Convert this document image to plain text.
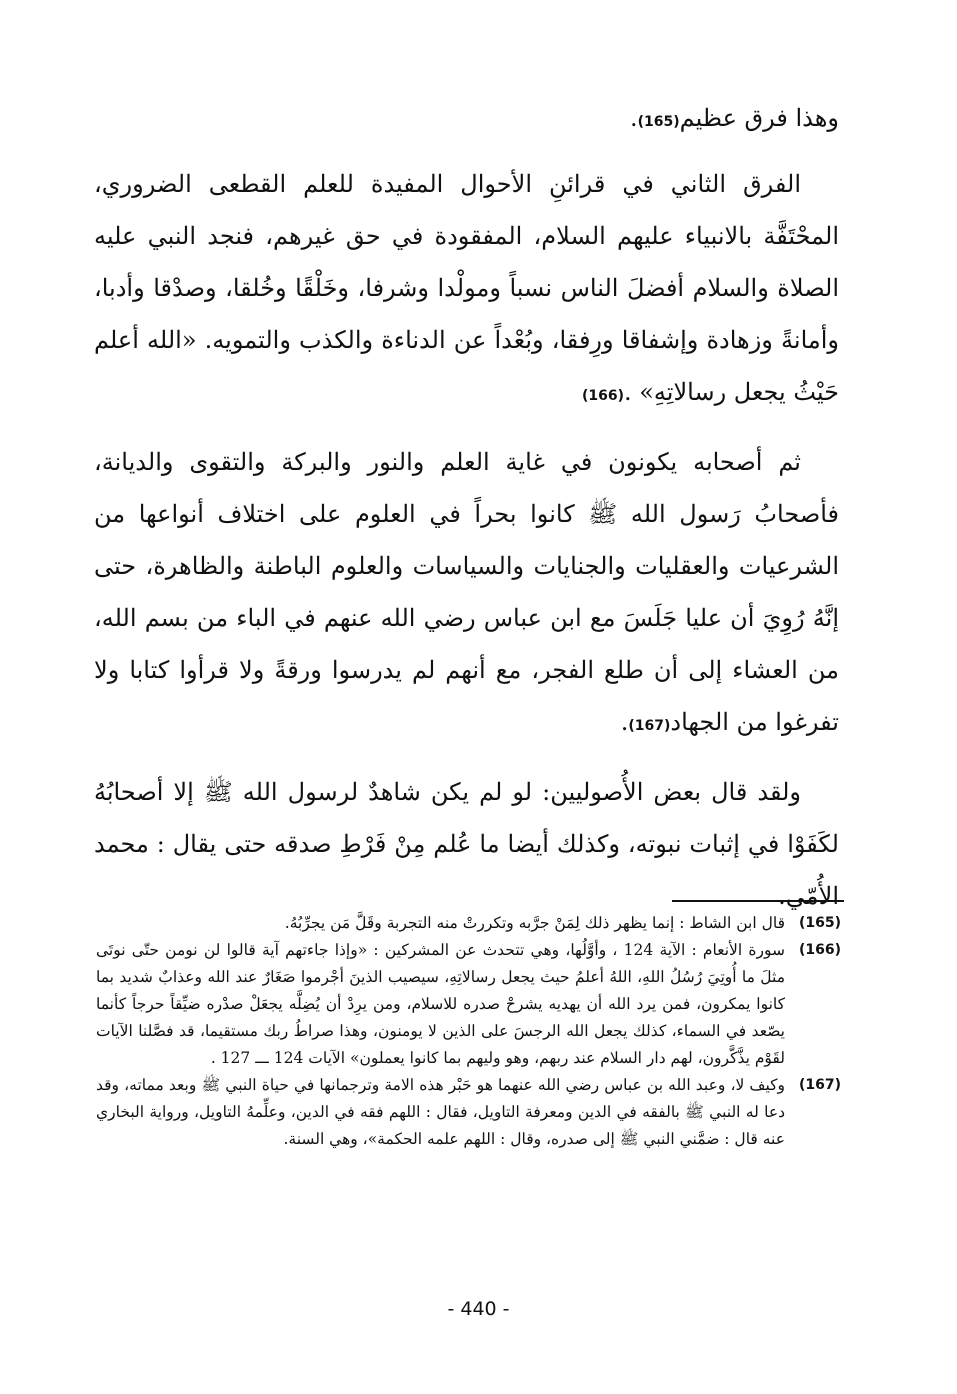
وهذا فرق عظيم(165).

الفرق الثاني في قرائنِ الأحوال المفيدة للعلم القطعى الضروري، المحْتَفَّة بالانبياء عليهم السلام، المفقودة في حق غيرهم، فنجد النبي عليه الصلاة والسلام أفضلَ الناس نسباً ومولْدا وشرفا، وخَلْقًا وخُلقا، وصدْقا وأدبا، وأمانةً وزهادة وإشفاقا ورِفقا، وبُعْداً عن الدناءة والكذب والتمويه. «الله أعلم حَيْثُ يجعل رسالاتِهِ» .(166)

ثم أصحابه يكونون في غاية العلم والنور والبركة والتقوى والديانة، فأصحابُ رَسول الله ﷺ كانوا بحراً في العلوم على اختلاف أنواعها من الشرعيات والعقليات والجنايات والسياسات والعلوم الباطنة والظاهرة، حتى إنَّهُ رُوِيَ أن عليا جَلَسَ مع ابن عباس رضي الله عنهم في الباء من بسم الله، من العشاء إلى أن طلع الفجر، مع أنهم لم يدرسوا ورقةً ولا قرأوا كتابا ولا تفرغوا من الجهاد(167).

ولقد قال بعض الأُصوليين: لو لم يكن شاهدٌ لرسول الله ﷺ إلا أصحابُهُ لكَفَوْا في إثبات نبوته، وكذلك أيضا ما عُلم مِنْ فَرْطِ صدقه حتى يقال : محمد الأُمّي.

(165)
قال ابن الشاط : إنما يظهر ذلك لِمَنْ جرَّبه وتكررتْ منه التجربة وقَلَّ مَن يجرِّبُهُ.
(166)
سورة الأنعام : الآية 124 ، وأوَّلُها، وهي تتحدث عن المشركين : «وإذا جاءتهم آية قالوا لن نومن حتّى نوتَى مثلَ ما أُوتِيَ رُسُلُ اللهِ، اللهُ أعلمُ حيث يجعل رسالاتِهِ، سيصيب الذينَ أجْرموا صَغَارٌ عند الله وعذابٌ شديد بما كانوا يمكرون، فمن يرد الله أن يهديه يشرحْ صدره للاسلام، ومن يرِدْ أن يُضِلَّه يجعَلْ صدْره ضيِّقاً حرجاً كأنما يصّعد في السماء، كذلك يجعل الله الرجسَ على الذين لا يومنون، وهذا صراطُ ربك مستقيما، قد فصَّلنا الآيات لقَوْم يذَّكَّرون، لهم دار السلام عند ربهم، وهو وليهم بما كانوا يعملون» الآيات 124 ـــ 127 .
(167)
وكيف لا، وعبد الله بن عباس رضي الله عنهما هو حَبْر هذه الامة وترجمانها في حياة النبي ﷺ وبعد مماته، وقد دعا له النبي ﷺ بالفقه في الدين ومعرفة التاويل، فقال : اللهم فقه في الدين، وعلِّمهُ التاويل، ورواية البخاري عنه قال : ضمَّني النبي ﷺ إلى صدره، وقال : اللهم علمه الحكمة»، وهي السنة.
- 440 -
